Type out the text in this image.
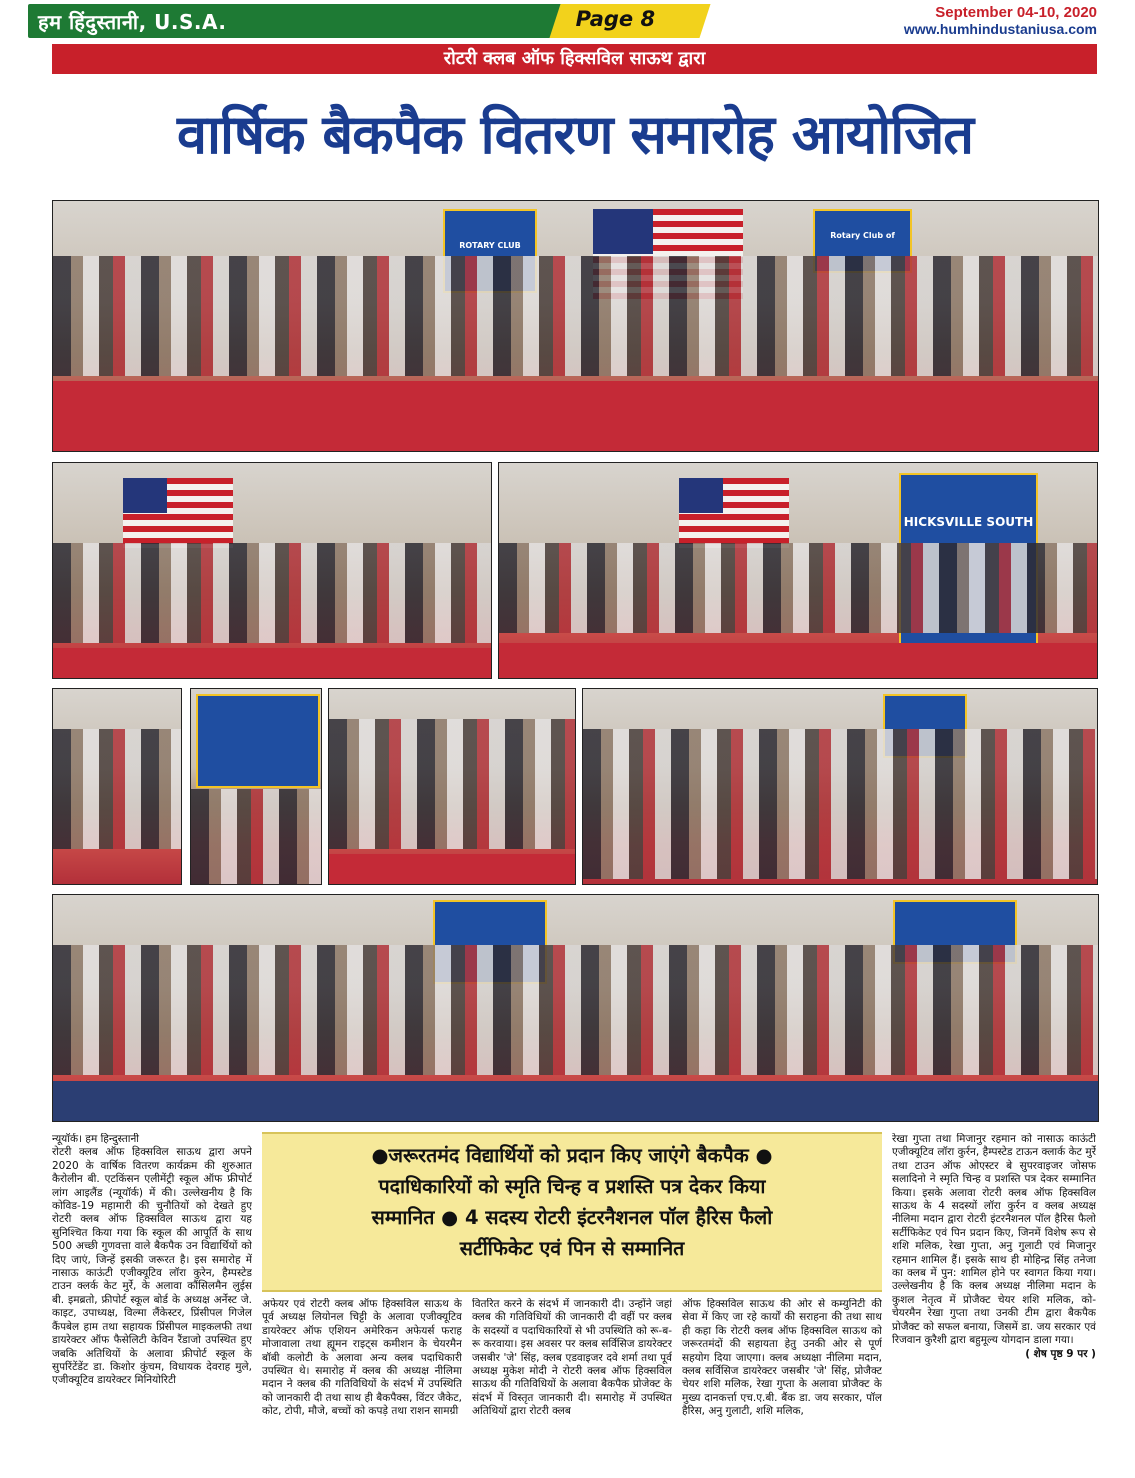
हम हिंदुस्तानी, U.S.A.	Page 8	September 04-10, 2020
www.humhindustaniusa.com
रोटरी क्लब ऑफ हिक्सविल साऊथ द्वारा
वार्षिक बैकपैक वितरण समारोह आयोजित
ROTARY CLUB
Rotary Club of
HICKSVILLE SOUTH

न्यूयॉर्क। हम हिन्दुस्तानी

रोटरी क्लब ऑफ हिक्सविल साऊथ द्वारा अपने 2020 के वार्षिक वितरण कार्यक्रम की शुरुआत कैरोलीन बी. एटकिंसन एलीमेंट्री स्कूल ऑफ फ्रीपोर्ट लांग आइलैंड (न्यूयॉर्क) में की। उल्लेखनीय है कि कोविड-19 महामारी की चुनौतियों को देखते हुए रोटरी क्लब ऑफ हिक्सविल साऊथ द्वारा यह सुनिश्चित किया गया कि स्कूल की आपूर्ति के साथ 500 अच्छी गुणवत्ता वाले बैकपैक उन विद्यार्थियों को दिए जाएं, जिन्हें इसकी जरूरत है। इस समारोह में नासाऊ काऊंटी एजीक्यूटिव लॉरा कुरेन, हैम्पस्टेड टाउन क्लर्क केट मुर्रे, के अलावा कौंसिलमैन लुईस बी. इमब्रतो, फ्रीपोर्ट स्कूल बोर्ड के अध्यक्ष अर्नेस्ट जे. काइट, उपाध्यक्ष, विल्मा लैंकेस्टर, प्रिंसीपल गिजेल कैंपबेल हाम तथा सहायक प्रिंसीपल माइकलफी तथा डायरेक्टर ऑफ फैसेलिटी केविन रैंडाजो उपस्थित हुए जबकि अतिथियों के अलावा फ्रीपोर्ट स्कूल के सुपरिंटेंडेंट डा. किशोर कुंचम, विधायक देवराह मुले, एजीक्यूटिव डायरेक्टर मिनियोरिटी

●जरूरतमंद विद्यार्थियों को प्रदान किए जाएंगे बैकपैक ●
पदाधिकारियों को स्मृति चिन्ह व प्रशस्ति पत्र देकर किया
सम्मानित ● 4 सदस्य रोटरी इंटरनैशनल पॉल हैरिस फैलो
सर्टीफिकेट एवं पिन से सम्मानित

अफेयर एवं रोटरी क्लब ऑफ हिक्सविल साऊथ के पूर्व अध्यक्ष लियोनल चिट्टी के अलावा एजीक्यूटिव डायरेक्टर ऑफ एशियन अमेरिकन अफेयर्स फराह मोजावाला तथा ह्यूमन राइट्स कमीशन के चेयरमैन बॉबी कलोटी के अलावा अन्य क्लब पदाधिकारी उपस्थित थे। समारोह में क्लब की अध्यक्ष नीलिमा मदान ने क्लब की गतिविधियों के संदर्भ में उपस्थिति को जानकारी दी तथा साथ ही बैकपैक्स, विंटर जैकेट, कोट, टोपी, मौजे, बच्चों को कपड़े तथा राशन सामग्री

वितरित करने के संदर्भ में जानकारी दी। उन्होंने जहां क्लब की गतिविधियों की जानकारी दी वहीं पर क्लब के सदस्यों व पदाधिकारियों से भी उपस्थिति को रू-ब-रू करवाया। इस अवसर पर क्लब सर्विसिज डायरेक्टर जसबीर 'जे' सिंह, क्लब एडवाइजर दवे शर्मा तथा पूर्व अध्यक्ष मुकेश मोदी ने रोटरी क्लब ऑफ हिक्सविल साऊथ की गतिविधियों के अलावा बैकपैक प्रोजेक्ट के संदर्भ में विस्तृत जानकारी दी। समारोह में उपस्थित अतिथियों द्वारा रोटरी क्लब

ऑफ हिक्सविल साऊथ की ओर से कम्युनिटी की सेवा में किए जा रहे कार्यों की सराहना की तथा साथ ही कहा कि रोटरी क्लब ऑफ हिक्सविल साऊथ को जरूरतमंदों की सहायता हेतु उनकी ओर से पूर्ण सहयोग दिया जाएगा। क्लब अध्यक्षा नीलिमा मदान, क्लब सर्विसिज डायरेक्टर जसबीर 'जे' सिंह, प्रोजैक्ट चेयर शशि मलिक, रेखा गुप्ता के अलावा प्रोजैक्ट के मुख्य दानकर्त्ता एच.ए.बी. बैंक डा. जय सरकार, पॉल हैरिस, अनु गुलाटी, शशि मलिक,

रेखा गुप्ता तथा मिजानुर रहमान को नासाऊ काऊंटी एजीक्यूटिव लॉरा कुर्रन, हैम्पस्टेड टाऊन क्लार्क केट मुर्रे तथा टाउन ऑफ ओएस्टर बे सुपरवाइजर जोसफ सलादिनो ने स्मृति चिन्ह व प्रशस्ति पत्र देकर सम्मानित किया। इसके अलावा रोटरी क्लब ऑफ हिक्सविल साऊथ के 4 सदस्यों लॉरा कुर्रन व क्लब अध्यक्ष नीलिमा मदान द्वारा रोटरी इंटरनैशनल पॉल हैरिस फैलो सर्टीफिकेट एवं पिन प्रदान किए, जिनमें विशेष रूप से शशि मलिक, रेखा गुप्ता, अनु गुलाटी एवं मिजानुर रहमान शामिल हैं। इसके साथ ही मोहिन्द्र सिंह तनेजा का क्लब में पुन: शामिल होने पर स्वागत किया गया। उल्लेखनीय है कि क्लब अध्यक्ष नीलिमा मदान के कुशल नेतृत्व में प्रोजैक्ट चेयर शशि मलिक, को-चेयरमैन रेखा गुप्ता तथा उनकी टीम द्वारा बैकपैक प्रोजैक्ट को सफल बनाया, जिसमें डा. जय सरकार एवं रिजवान कुरैशी द्वारा बहुमूल्य योगदान डाला गया।

( शेष पृष्ठ 9 पर )
